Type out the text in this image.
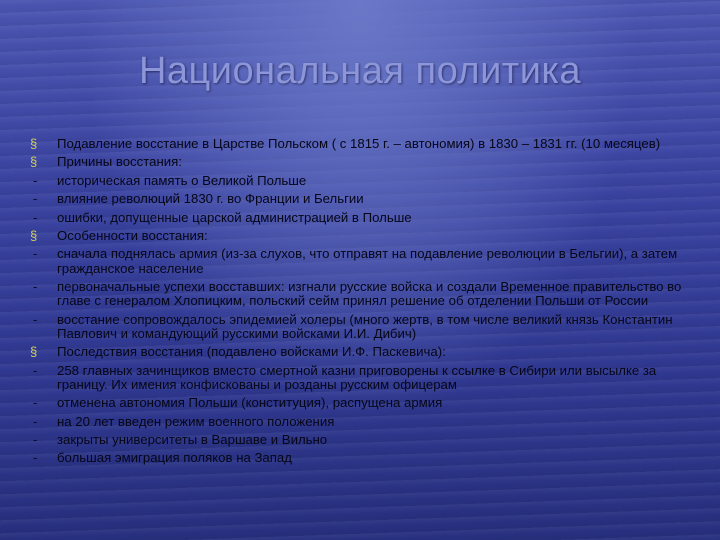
Национальная политика
§	Подавление восстание в Царстве Польском ( с 1815 г. – автономия) в 1830 – 1831 гг. (10 месяцев)
§	Причины восстания:
-	историческая память о Великой Польше
-	влияние революций 1830 г. во Франции и Бельгии
-	ошибки, допущенные царской администрацией в Польше
§	Особенности восстания:
-	сначала поднялась армия (из-за слухов, что отправят на подавление революции в Бельгии), а затем гражданское население
-	первоначальные успехи восставших: изгнали русские войска и создали Временное правительство во главе с генералом Хлопицким, польский сейм принял решение об отделении Польши от России
-	восстание сопровождалось эпидемией холеры (много жертв, в том числе великий князь Константин Павлович и командующий русскими войсками И.И. Дибич)
§	Последствия восстания (подавлено войсками И.Ф. Паскевича):
-	258 главных зачинщиков вместо смертной казни приговорены к ссылке в Сибири или высылке за границу. Их имения конфискованы и розданы русским офицерам
-	отменена автономия Польши (конституция), распущена армия
-	на 20 лет введен режим военного положения
-	закрыты университеты в Варшаве и Вильно
-	большая эмиграция поляков на Запад
